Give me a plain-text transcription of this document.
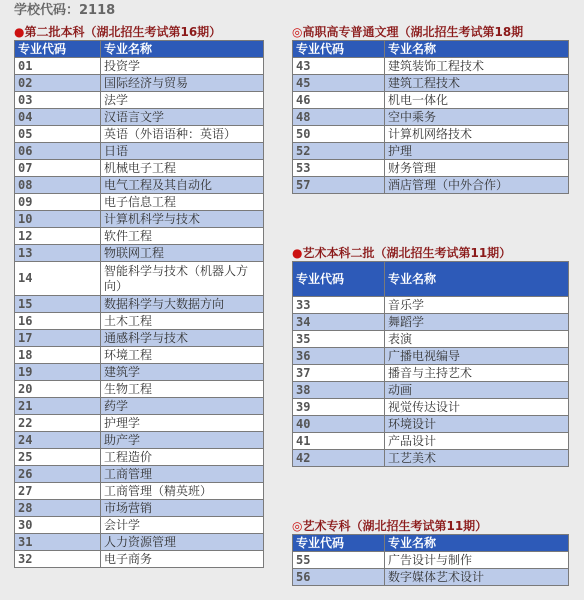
学校代码：2118
●第二批本科（湖北招生考试第16期）
专业代码	专业名称
01	投资学
02	国际经济与贸易
03	法学
04	汉语言文学
05	英语（外语语种：英语）
06	日语
07	机械电子工程
08	电气工程及其自动化
09	电子信息工程
10	计算机科学与技术
12	软件工程
13	物联网工程
14	智能科学与技术（机器人方向）
15	数据科学与大数据方向
16	土木工程
17	通感科学与技术
18	环境工程
19	建筑学
20	生物工程
21	药学
22	护理学
24	助产学
25	工程造价
26	工商管理
27	工商管理（精英班）
28	市场营销
30	会计学
31	人力资源管理
32	电子商务
◎高职高专普通文理（湖北招生考试第18期
专业代码	专业名称
43	建筑装饰工程技术
45	建筑工程技术
46	机电一体化
48	空中乘务
50	计算机网络技术
52	护理
53	财务管理
57	酒店管理（中外合作）
●艺术本科二批（湖北招生考试第11期）
专业代码	专业名称
33	音乐学
34	舞蹈学
35	表演
36	广播电视编导
37	播音与主持艺术
38	动画
39	视觉传达设计
40	环境设计
41	产品设计
42	工艺美术
◎艺术专科（湖北招生考试第11期）
专业代码	专业名称
55	广告设计与制作
56	数字媒体艺术设计
